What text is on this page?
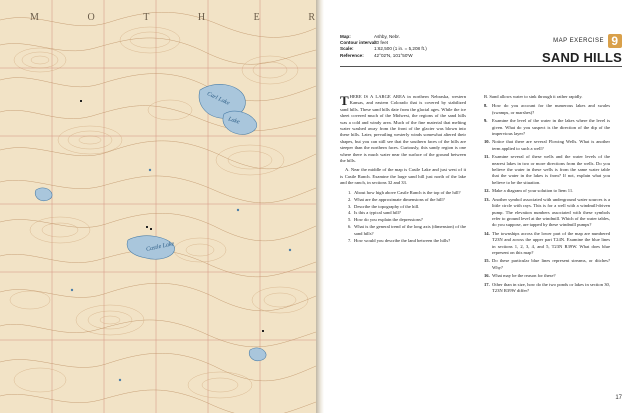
M	O	T	H	E	R
Castle Lake
Carl Lake
Lake
Map:	Ashby, Nebr.
Contour interval:
20 feet
Scale:	1:62,500 (1 in. = 5,208 ft.)
Reference:	42°02′N, 101°50′W
MAP EXERCISE 9
SAND HILLS

THERE IS A LARGE AREA in northern Nebraska, western Kansas, and eastern Colorado that is covered by stabilized sand hills. These sand hills date from the glacial ages. While the ice sheet covered much of the Midwest, the regions of the sand hills was a cold and windy area. Much of the fine material that melting water washed away from the front of the glacier was blown into these hills. Later, prevailing westerly winds somewhat altered their shapes, but you can still see that the southern faces of the hills are steeper than the northern faces. Curiously, this sandy region is one where there is much water near the surface of the ground between the hills.

A. Near the middle of the map is Castle Lake and just west of it is Castle Ranch. Examine the large sand hill just north of the lake and the ranch, in sections 32 and 33.

1. About how high above Castle Ranch is the top of the hill?
2. What are the approximate dimensions of the hill?
3. Describe the topography of the hill.
4. Is this a typical sand hill?
5. How do you explain the depressions?
6. What is the general trend of the long axis (dimension) of the sand hills?
7. How would you describe the land between the hills?

B. Sand allows water to sink through it rather rapidly.

8. How do you account for the numerous lakes and swales (swamps, or marshes)?
9. Examine the level of the water in the lakes where the level is given. What do you suspect is the direction of the dip of the impervious layer?
10. Notice that there are several Flowing Wells. What is another term applied to such a well?
11. Examine several of these wells and the water levels of the nearest lakes in two or more directions from the wells. Do you believe the water in these wells is from the same water table that the water in the lakes is from? If not, explain what you believe to be the situation.
12. Make a diagram of your solution to Item 11.
13. Another symbol associated with underground water sources is a little circle with rays. This is for a well with a windmill-driven pump. The elevation numbers associated with these symbols refer to ground level at the windmill. Which of the water tables, do you suppose, are tapped by these windmill pumps?
14. The townships across the lower part of the map are numbered T23N and across the upper part T24N. Examine the blue lines in sections 1, 2, 3, 4, and 5, T23N R39W. What does blue represent on this map?
15. Do these particular blue lines represent streams, or ditches? Why?
16. What may be the reason for these?
17. Other than in size, how do the two ponds or lakes in section 30, T23N R39W differ?
17
